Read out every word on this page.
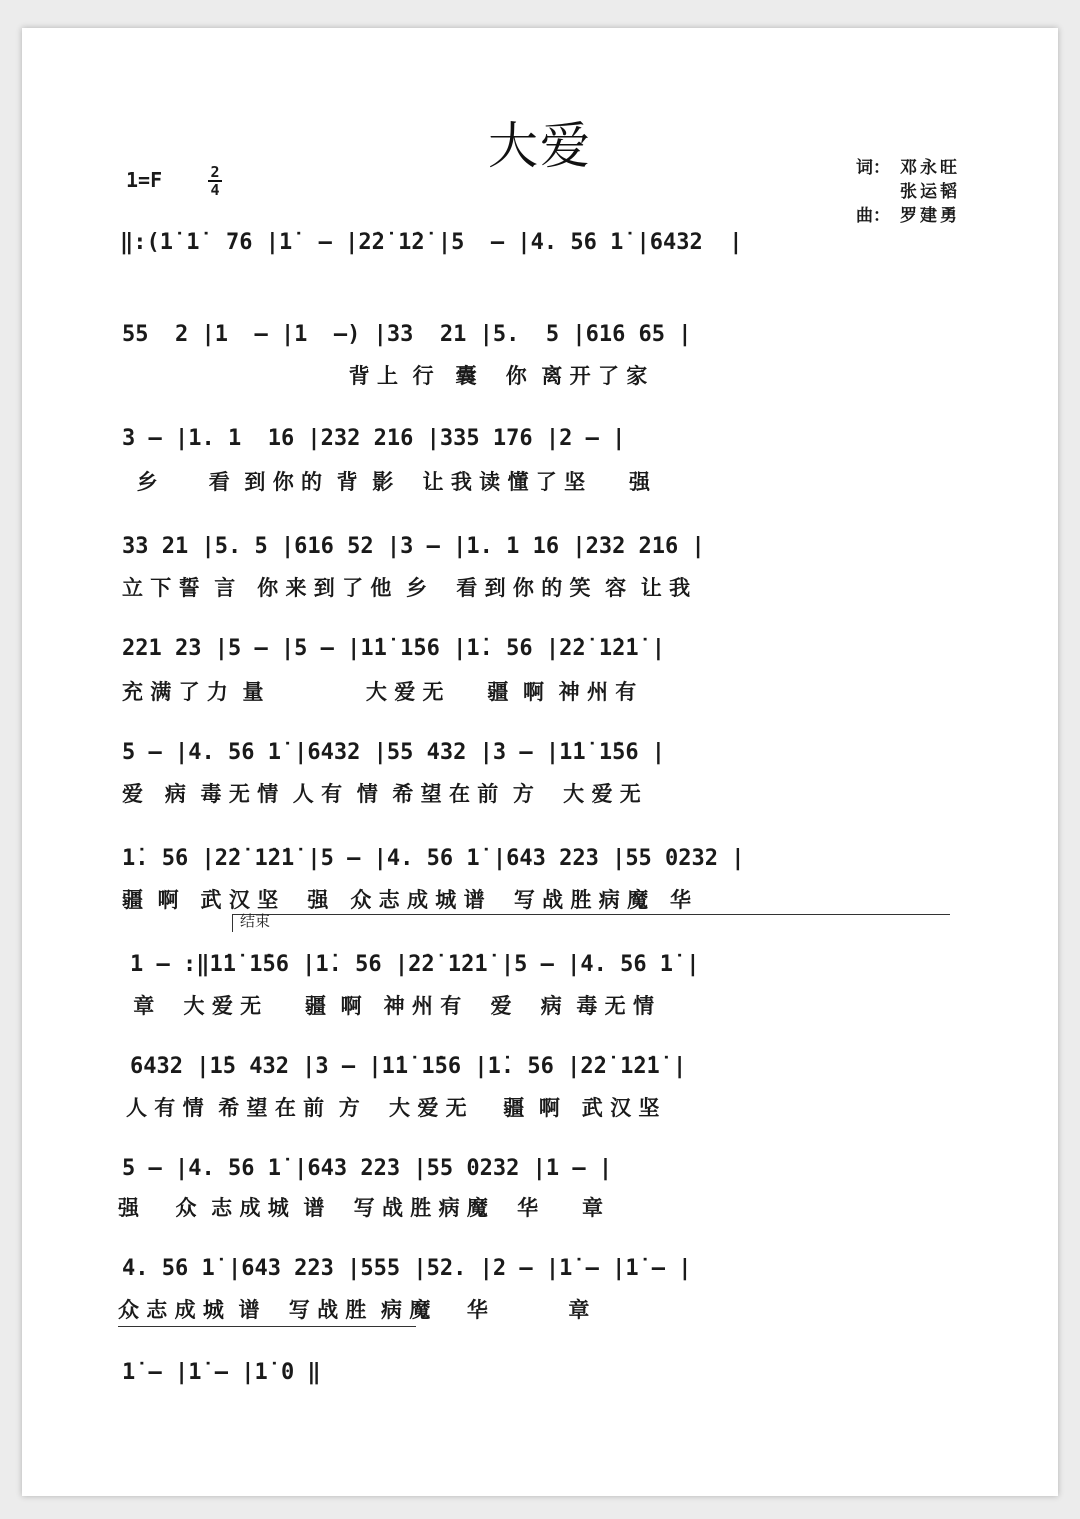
大爱
1=F	2
4
词： 邓永旺
张运韬
曲： 罗建勇
‖:(1̇ 1̇  76 |1̇  – |2̇2̇ 1̇2̇ |5  – |4. 56 1̇ |6432  |
55  2 |1  – |1  –) |33  21 |5.  5 |616 65 |
背 上  行   囊    你  离 开 了 家
3 – |1. 1  16 |232 216 |335 176 |2 – |
乡       看  到 你 的  背  影    让 我 读 懂 了 坚      强
33 21 |5. 5 |616 52 |3 – |1. 1 16 |232 216 |
立 下 誓  言   你 来 到 了 他  乡    看 到 你 的 笑  容  让 我
221 23 |5 – |5 – |1̇1̇ 1̇56 |1̇. 56 |2̇2̇ 1̇2̇1̇ |
充 满 了 力  量              大 爱 无      疆  啊  神 州 有
5 – |4. 56 1̇ |6432 |55 432 |3 – |1̇1̇ 1̇56 |
爱   病  毒 无 情  人 有  情  希 望 在 前  方    大 爱 无
1̇. 56 |2̇2̇ 1̇2̇1̇ |5 – |4. 56 1̇ |643 223 |55 0232 |
疆  啊   武 汉 坚    强   众 志 成 城 谱    写 战 胜 病 魔   华
结束
1 – :‖1̇1̇ 1̇56 |1̇. 56 |2̇2̇ 1̇2̇1̇ |5 – |4. 56 1̇ |
章    大 爱 无      疆  啊   神 州 有    爱    病  毒 无 情
6432 |1̇5 432 |3 – |1̇1̇ 1̇56 |1̇. 56 |2̇2̇ 1̇2̇1̇ |
人 有 情  希 望 在 前  方    大 爱 无     疆  啊   武 汉 坚
5 – |4. 56 1̇ |643 223 |55 0232 |1 – |
强     众  志 成 城  谱    写 战 胜 病 魔    华      章
4. 56 1̇ |643 223 |555 |52. |2 – |1̇ – |1̇ – |
众 志 成 城  谱    写 战 胜  病 魔     华           章
1̇ – |1̇ – |1̇ 0 ‖
